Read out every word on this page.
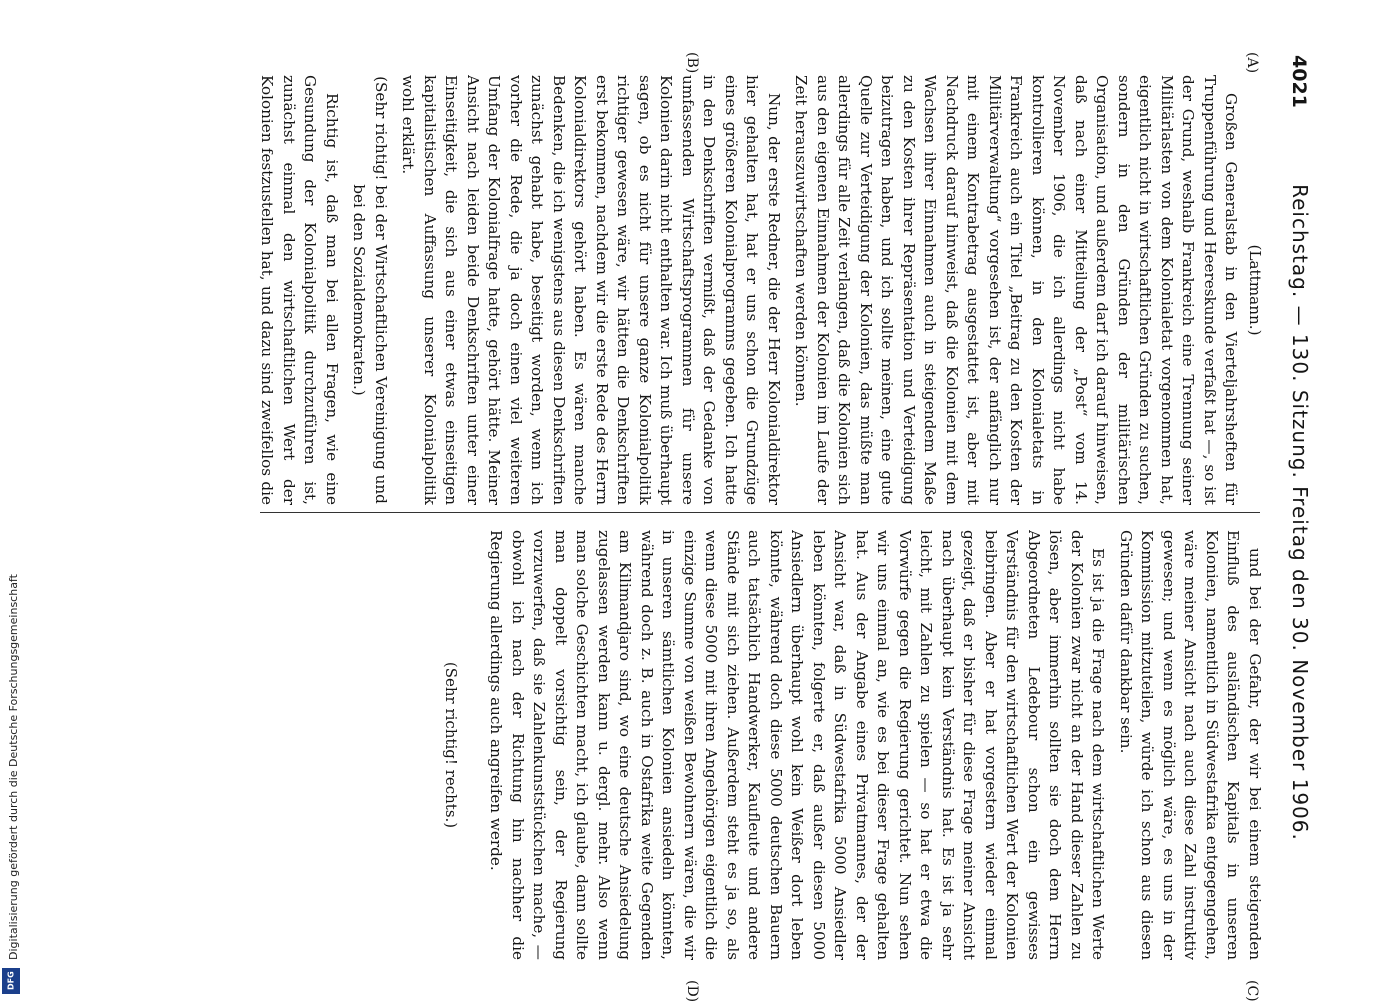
4021
Reichstag. — 130. Sitzung. Freitag den 30. November 1906.
(A)
(B)
(C)
(D)

(Lattmann.)

Großen Generalstab in den Vierteljahrsheften für Truppenführung und Heereskunde verfaßt hat —, so ist der Grund, weshalb Frankreich eine Trennung seiner Militärlasten von dem Kolonialetat vorgenommen hat, eigentlich nicht in wirtschaftlichen Gründen zu suchen, sondern in den Gründen der militärischen Organisation, und außerdem darf ich darauf hinweisen, daß nach einer Mitteilung der „Post“ vom 14. November 1906, die ich allerdings nicht habe kontrollieren können, in den Kolonialetats in Frankreich auch ein Titel „Beitrag zu den Kosten der Militärverwaltung“ vorgesehen ist, der anfänglich nur mit einem Kontrabetrag ausgestattet ist, aber mit Nachdruck darauf hinweist, daß die Kolonien mit dem Wachsen ihrer Einnahmen auch in steigendem Maße zu den Kosten ihrer Repräsentation und Verteidigung beizutragen haben, und ich sollte meinen, eine gute Quelle zur Verteidigung der Kolonien, das müßte man allerdings für alle Zeit verlangen, daß die Kolonien sich aus den eigenen Einnahmen der Kolonien im Laufe der Zeit herauszuwirtschaften werden können.

Nun, der erste Redner, die der Herr Kolonialdirektor hier gehalten hat, hat er uns schon die Grundzüge eines größeren Kolonialprogramms gegeben. Ich hatte in den Denkschriften vermißt, daß der Gedanke von umfassenden Wirtschaftsprogrammen für unsere Kolonien darin nicht enthalten war. Ich muß überhaupt sagen, ob es nicht für unsere ganze Kolonialpolitik richtiger gewesen wäre, wir hätten die Denkschriften erst bekommen, nachdem wir die erste Rede des Herrn Kolonialdirektors gehört haben. Es wären manche Bedenken, die ich wenigstens aus diesen Denkschriften zunächst gehabt habe, beseitigt worden, wenn ich vorher die Rede, die ja doch einen viel weiteren Umfang der Kolonialfrage hatte, gehört hätte. Meiner Ansicht nach leiden beide Denkschriften unter einer Einseitigkeit, die sich aus einer etwas einseitigen kapitalistischen Auffassung unserer Kolonialpolitik wohl erklärt.

(Sehr richtig! bei der Wirtschaftlichen Vereinigung und bei den Sozialdemokraten.)

Richtig ist, daß man bei allen Fragen, wie eine Gesundung der Kolonialpolitik durchzuführen ist, zunächst einmal den wirtschaftlichen Wert der Kolonien festzustellen hat, und dazu sind zweifellos die

und bei der Gefahr, der wir bei einem steigenden Einfluß des ausländischen Kapitals in unseren Kolonien, namentlich in Südwestafrika entgegengehen, wäre meiner Ansicht nach auch diese Zahl instruktiv gewesen; und wenn es möglich wäre, es uns in der Kommission mitzuteilen, würde ich schon aus diesen Gründen dafür dankbar sein.

Es ist ja die Frage nach dem wirtschaftlichen Werte der Kolonien zwar nicht an der Hand dieser Zahlen zu lösen, aber immerhin sollten sie doch dem Herrn Abgeordneten Ledebour schon ein gewisses Verständnis für den wirtschaftlichen Wert der Kolonien beibringen. Aber er hat vorgestern wieder einmal gezeigt, daß er bisher für diese Frage meiner Ansicht nach überhaupt kein Verständnis hat. Es ist ja sehr leicht, mit Zahlen zu spielen — so hat er etwa die Vorwürfe gegen die Regierung gerichtet. Nun sehen wir uns einmal an, wie es bei dieser Frage gehalten hat. Aus der Angabe eines Privatmannes, der der Ansicht war, daß in Südwestafrika 5000 Ansiedler leben könnten, folgerte er, daß außer diesen 5000 Ansiedlern überhaupt wohl kein Weißer dort leben könnte, während doch diese 5000 deutschen Bauern auch tatsächlich Handwerker, Kaufleute und andere Stände mit sich ziehen. Außerdem steht es ja so, als wenn diese 5000 mit ihren Angehörigen eigentlich die einzige Summe von weißen Bewohnern wären, die wir in unseren sämtlichen Kolonien ansiedeln könnten, während doch z. B. auch in Ostafrika weite Gegenden am Kilimandjaro sind, wo eine deutsche Ansiedelung zugelassen werden kann u. dergl. mehr. Also wenn man solche Geschichten macht, ich glaube, dann sollte man doppelt vorsichtig sein, der Regierung vorzuwerfen, daß sie Zahlenkunststückchen mache, — obwohl ich nach der Richtung hin nachher die Regierung allerdings auch angreifen werde.

(Sehr richtig! rechts.)
Digitalisierung gefördert durch die Deutsche Forschungsgemeinschaft
DFG
